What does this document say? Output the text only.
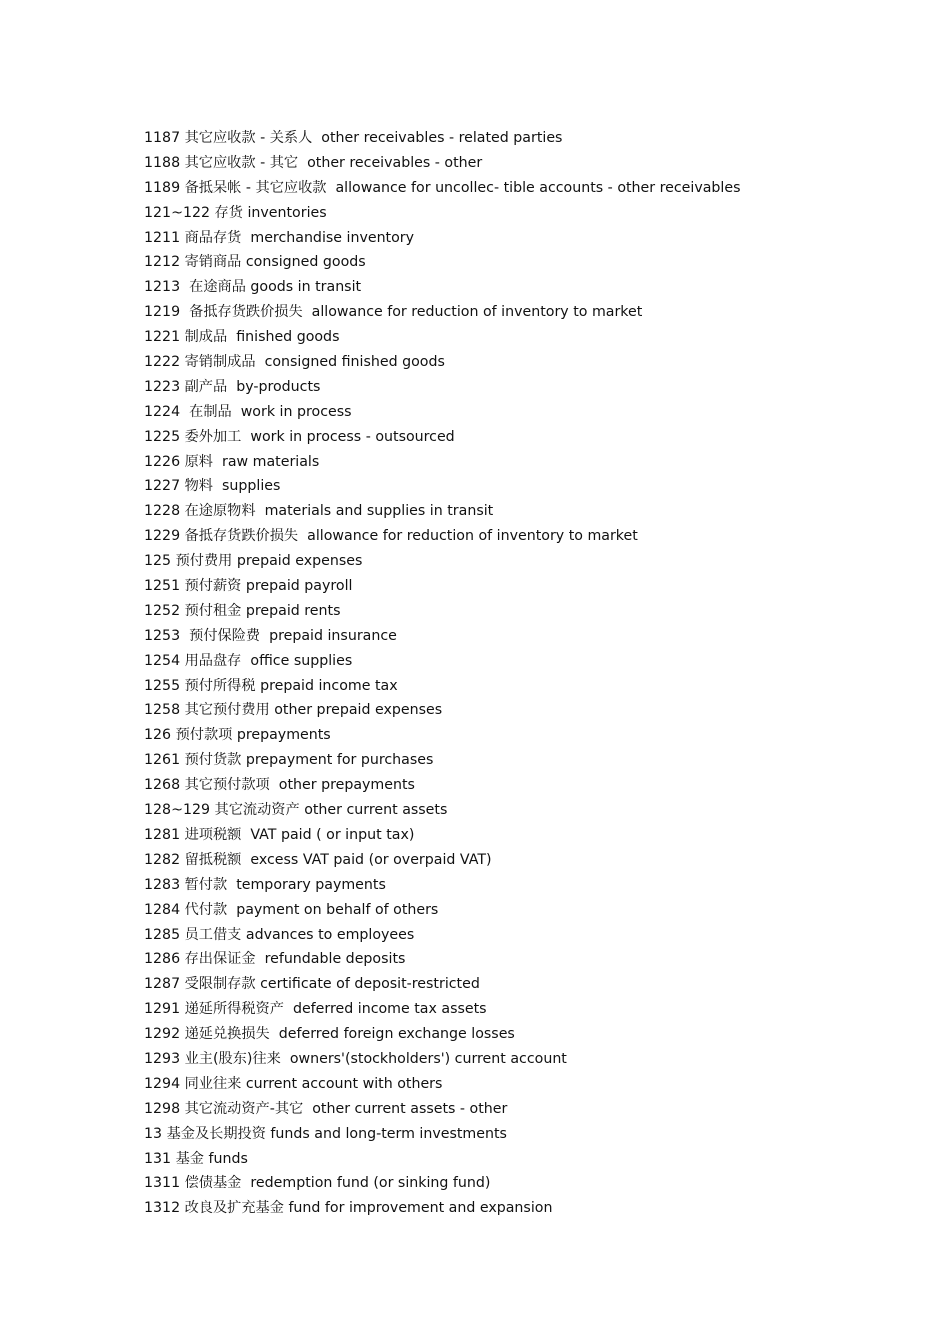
1187 其它应收款 - 关系人  other receivables - related parties
1188 其它应收款 - 其它  other receivables - other
1189 备抵呆帐 - 其它应收款  allowance for uncollec- tible accounts - other receivables
121~122 存货 inventories
1211 商品存货  merchandise inventory
1212 寄销商品 consigned goods
1213  在途商品 goods in transit
1219  备抵存货跌价损失  allowance for reduction of inventory to market
1221 制成品  finished goods
1222 寄销制成品  consigned finished goods
1223 副产品  by-products
1224  在制品  work in process
1225 委外加工  work in process - outsourced
1226 原料  raw materials
1227 物料  supplies
1228 在途原物料  materials and supplies in transit
1229 备抵存货跌价损失  allowance for reduction of inventory to market
125 预付费用 prepaid expenses
1251 预付薪资 prepaid payroll
1252 预付租金 prepaid rents
1253  预付保险费  prepaid insurance
1254 用品盘存  office supplies
1255 预付所得税 prepaid income tax
1258 其它预付费用 other prepaid expenses
126 预付款项 prepayments
1261 预付货款 prepayment for purchases
1268 其它预付款项  other prepayments
128~129 其它流动资产 other current assets
1281 进项税额  VAT paid ( or input tax)
1282 留抵税额  excess VAT paid (or overpaid VAT)
1283 暂付款  temporary payments
1284 代付款  payment on behalf of others
1285 员工借支 advances to employees
1286 存出保证金  refundable deposits
1287 受限制存款 certificate of deposit-restricted
1291 递延所得税资产  deferred income tax assets
1292 递延兑换损失  deferred foreign exchange losses
1293 业主(股东)往来  owners'(stockholders') current account
1294 同业往来 current account with others
1298 其它流动资产-其它  other current assets - other
13 基金及长期投资 funds and long-term investments
131 基金 funds
1311 偿债基金  redemption fund (or sinking fund)
1312 改良及扩充基金 fund for improvement and expansion
